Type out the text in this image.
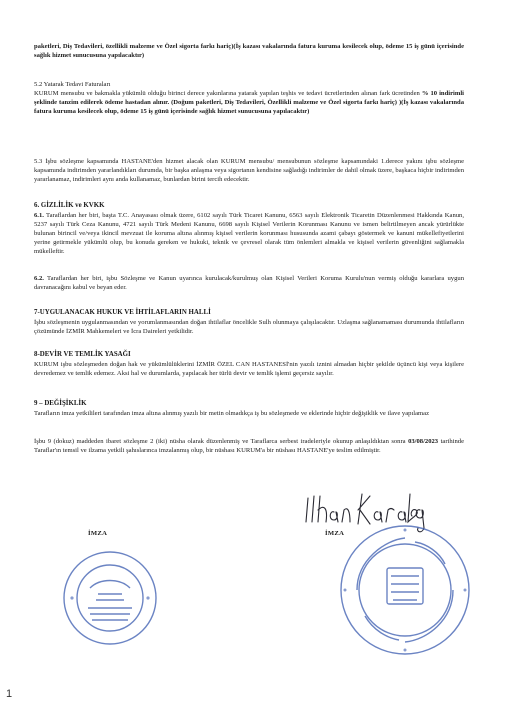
paketleri, Diş Tedavileri, özellikli malzeme ve Özel sigorta farkı hariç)(İş kazası vakalarında fatura kuruma kesilecek olup, ödeme 15 iş günü içerisinde sağlık hizmet sunucusuna yapılacaktır)

5.2 Yatarak Tedavi Faturaları
KURUM mensubu ve bakmakla yükümlü olduğu birinci derece yakınlarına yatarak yapılan teşhis ve tedavi ücretlerinden alınan fark ücretinden % 10 indirimli şeklinde tanzim edilerek ödeme hastadan alınır. (Doğum paketleri, Diş Tedavileri, Özellikli malzeme ve Özel sigorta farkı hariç) )(İş kazası vakalarında fatura kuruma kesilecek olup, ödeme 15 iş günü içerisinde sağlık hizmet sunucusuna yapılacaktır)

5.3 İşbu sözleşme kapsamında HASTANE'den hizmet alacak olan KURUM mensubu/ mensubunun sözleşme kapsamındaki 1.derece yakını işbu sözleşme kapsamında indirimden yararlandıkları durumda, bir başka anlaşma veya sigortanın kendisine sağladığı indirimler de dahil olmak üzere, başkaca hiçbir indirimden yararlanamaz, indirimleri aynı anda kullanamaz, bunlardan birini tercih edecektir.

6. GİZLİLİK ve KVKK

6.1. Taraflardan her biri, başta T.C. Anayasası olmak üzere, 6102 sayılı Türk Ticaret Kanunu, 6563 sayılı Elektronik Ticaretin Düzenlenmesi Hakkında Kanun, 5237 sayılı Türk Ceza Kanunu, 4721 sayılı Türk Medeni Kanunu, 6698 sayılı Kişisel Verilerin Korunması Kanunu ve ismen belirtilmeyen ancak yürürlükte bulunan birincil ve/veya ikincil mevzuat ile koruma altına alınmış kişisel verilerin korunması hususunda azami çabayı göstermek ve kanuni mükellefiyetlerini yerine getirmekle yükümlü olup, bu konuda gereken ve hukuki, teknik ve çevresel olarak tüm önlemleri almakla ve kişisel verilerin güvenliğini sağlamakla mükelleftir.

6.2. Taraflardan her biri, işbu Sözleşme ve Kanun uyarınca kurulacak/kurulmuş olan Kişisel Verileri Koruma Kurulu'nun vermiş olduğu kararlara uygun davranacağını kabul ve beyan eder.

7-UYGULANACAK HUKUK VE İHTİLAFLARIN HALLİ

İşbu sözleşmenin uygulanmasından ve yorumlanmasından doğan ihtilaflar öncelikle Sulh olunmaya çalışılacaktır. Uzlaşma sağlanamaması durumunda ihtilafların çözümünde İZMİR Mahkemeleri ve İcra Daireleri yetkilidir.

8-DEVİR VE TEMLİK YASAĞI

KURUM işbu sözleşmeden doğan hak ve yükümlülüklerini İZMİR ÖZEL CAN HASTANESİ'nin yazılı iznini almadan hiçbir şekilde üçüncü kişi veya kişilere devredemez ve temlik edemez. Aksi hal ve durumlarda, yapılacak her türlü devir ve temlik işlemi geçersiz sayılır.

9 – DEĞİŞİKLİK

Tarafların imza yetkilileri tarafından imza altına alınmış yazılı bir metin olmadıkça iş bu sözleşmede ve eklerinde hiçbir değişiklik ve ilave yapılamaz

İşbu 9 (dokuz) maddeden ibaret sözleşme 2 (iki) nüsha olarak düzenlenmiş ve Taraflarca serbest iradeleriyle okunup anlaşıldıktan sonra 03/08/2023 tarihinde Taraflar'ın temsil ve ilzama yetkili şahıslarınca imzalanmış olup, bir nüshası KURUM'a bir nüshası HASTANE'ye teslim edilmiştir.

İMZA	İMZA
1
